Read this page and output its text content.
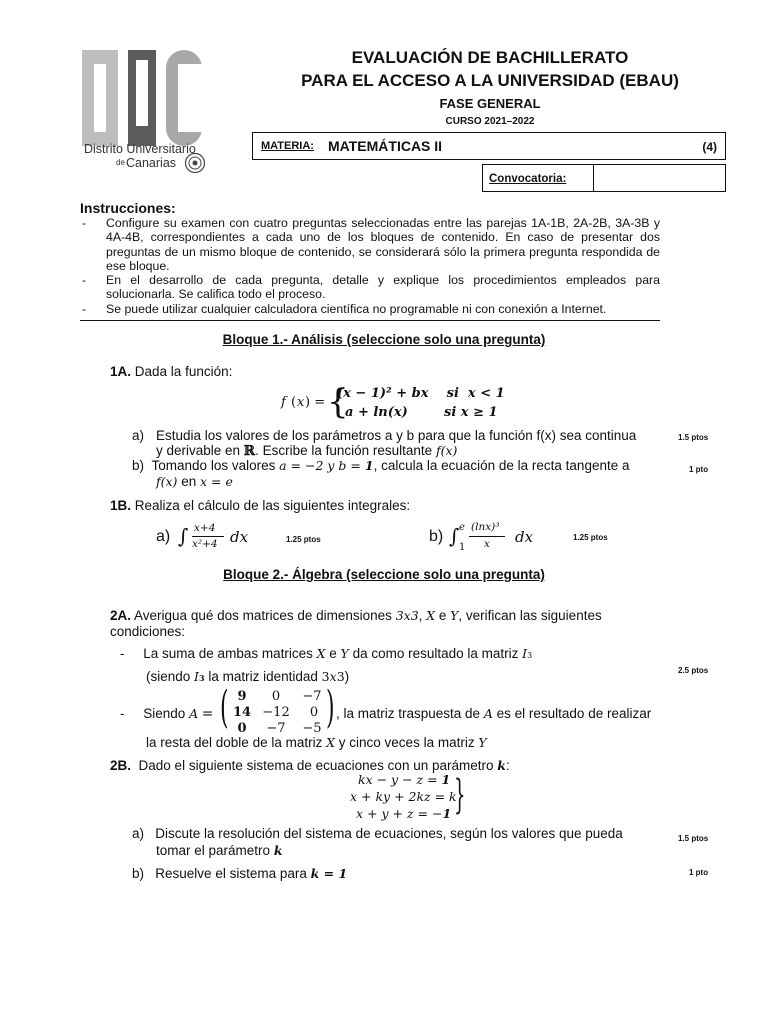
Distrito Universitario
de Canarias
EVALUACIÓN DE BACHILLERATO
PARA EL ACCESO A LA UNIVERSIDAD (EBAU)
FASE GENERAL
CURSO 2021–2022
MATERIA: MATEMÁTICAS II	(4)
Convocatoria:
Instrucciones:
- Configure su examen con cuatro preguntas seleccionadas entre las parejas 1A-1B, 2A-2B, 3A-3B y 4A-4B, correspondientes a cada uno de los bloques de contenido. En caso de presentar dos preguntas de un mismo bloque de contenido, se considerará sólo la primera pregunta respondida de ese bloque.
- En el desarrollo de cada pregunta, detalle y explique los procedimientos empleados para solucionarla. Se califica todo el proceso.
- Se puede utilizar cualquier calculadora científica no programable ni con conexión a Internet.
Bloque 1.- Análisis (seleccione solo una pregunta)
1A. Dada la función:
f ( x ) = {
(x − 1)² + bx    si  x < 1
a + ln(x)        si x ≥ 1
a) Estudia los valores de los parámetros a y b para que la función f(x) sea continua
y derivable en ℝ. Escribe la función resultante f(x)
1.5 ptos
b) Tomando los valores a = −2 y b = 1, calcula la ecuación de la recta tangente a
f(x) en x = e
1 pto
1B. Realiza el cálculo de las siguientes integrales:
a) ∫ x+4
x²+4 dx	1.25 ptos	b) ∫ e
1
(lnx)³
x dx	1.25 ptos
Bloque 2.- Álgebra (seleccione solo una pregunta)
2A. Averigua qué dos matrices de dimensiones 3x3, X e Y, verifican las siguientes
condiciones:
- La suma de ambas matrices X e Y da como resultado la matriz I3
(siendo I3 la matriz identidad 3x3)	2.5 ptos
- Siendo A = ( 9	0	−7
14 −12	0
0	−7 −5 ) , la matriz traspuesta de A es el resultado de realizar
la resta del doble de la matriz X y cinco veces la matriz Y
2B. Dado el siguiente sistema de ecuaciones con un parámetro k:
kx − y − z = 1
x + ky + 2kz = k
x + y + z = −1 }
a) Discute la resolución del sistema de ecuaciones, según los valores que pueda
tomar el parámetro k
1.5 ptos
b) Resuelve el sistema para k = 1	1 pto
